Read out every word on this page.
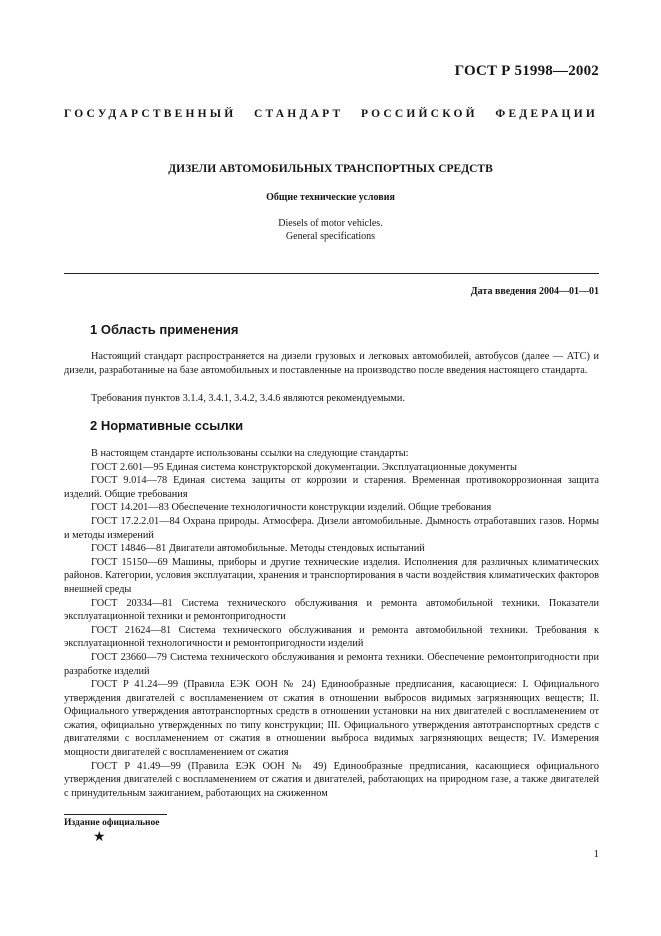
ГОСТ Р 51998—2002
ГОСУДАРСТВЕННЫЙ СТАНДАРТ РОССИЙСКОЙ ФЕДЕРАЦИИ
ДИЗЕЛИ АВТОМОБИЛЬНЫХ ТРАНСПОРТНЫХ СРЕДСТВ
Общие технические условия
Diesels of motor vehicles.
General specifications
Дата введения 2004—01—01
1 Область применения
Настоящий стандарт распространяется на дизели грузовых и легковых автомобилей, автобусов (далее — АТС) и дизели, разработанные на базе автомобильных и поставленные на производство после введения настоящего стандарта.
Требования пунктов 3.1.4, 3.4.1, 3.4.2, 3.4.6 являются рекомендуемыми.
2 Нормативные ссылки

В настоящем стандарте использованы ссылки на следующие стандарты:

ГОСТ 2.601—95 Единая система конструкторской документации. Эксплуатационные документы

ГОСТ 9.014—78 Единая система защиты от коррозии и старения. Временная противокоррозионная защита изделий. Общие требования

ГОСТ 14.201—83 Обеспечение технологичности конструкции изделий. Общие требования

ГОСТ 17.2.2.01—84 Охрана природы. Атмосфера. Дизели автомобильные. Дымность отработавших газов. Нормы и методы измерений

ГОСТ 14846—81 Двигатели автомобильные. Методы стендовых испытаний

ГОСТ 15150—69 Машины, приборы и другие технические изделия. Исполнения для различных климатических районов. Категории, условия эксплуатации, хранения и транспортирования в части воздействия климатических факторов внешней среды

ГОСТ 20334—81 Система технического обслуживания и ремонта автомобильной техники. Показатели эксплуатационной техники и ремонтопригодности

ГОСТ 21624—81 Система технического обслуживания и ремонта автомобильной техники. Требования к эксплуатационной технологичности и ремонтопригодности изделий

ГОСТ 23660—79 Система технического обслуживания и ремонта техники. Обеспечение ремонтопригодности при разработке изделий

ГОСТ Р 41.24—99 (Правила ЕЭК ООН № 24) Единообразные предписания, касающиеся: I. Официального утверждения двигателей с воспламенением от сжатия в отношении выбросов видимых загрязняющих веществ; II. Официального утверждения автотранспортных средств в отношении установки на них двигателей с воспламенением от сжатия, официально утвержденных по типу конструкции; III. Официального утверждения автотранспортных средств с двигателями с воспламенением от сжатия в отношении выброса видимых загрязняющих веществ; IV. Измерения мощности двигателей с воспламенением от сжатия

ГОСТ Р 41.49—99 (Правила ЕЭК ООН № 49) Единообразные предписания, касающиеся официального утверждения двигателей с воспламенением от сжатия и двигателей, работающих на природном газе, а также двигателей с принудительным зажиганием, работающих на сжиженном

Издание официальное
★
1
